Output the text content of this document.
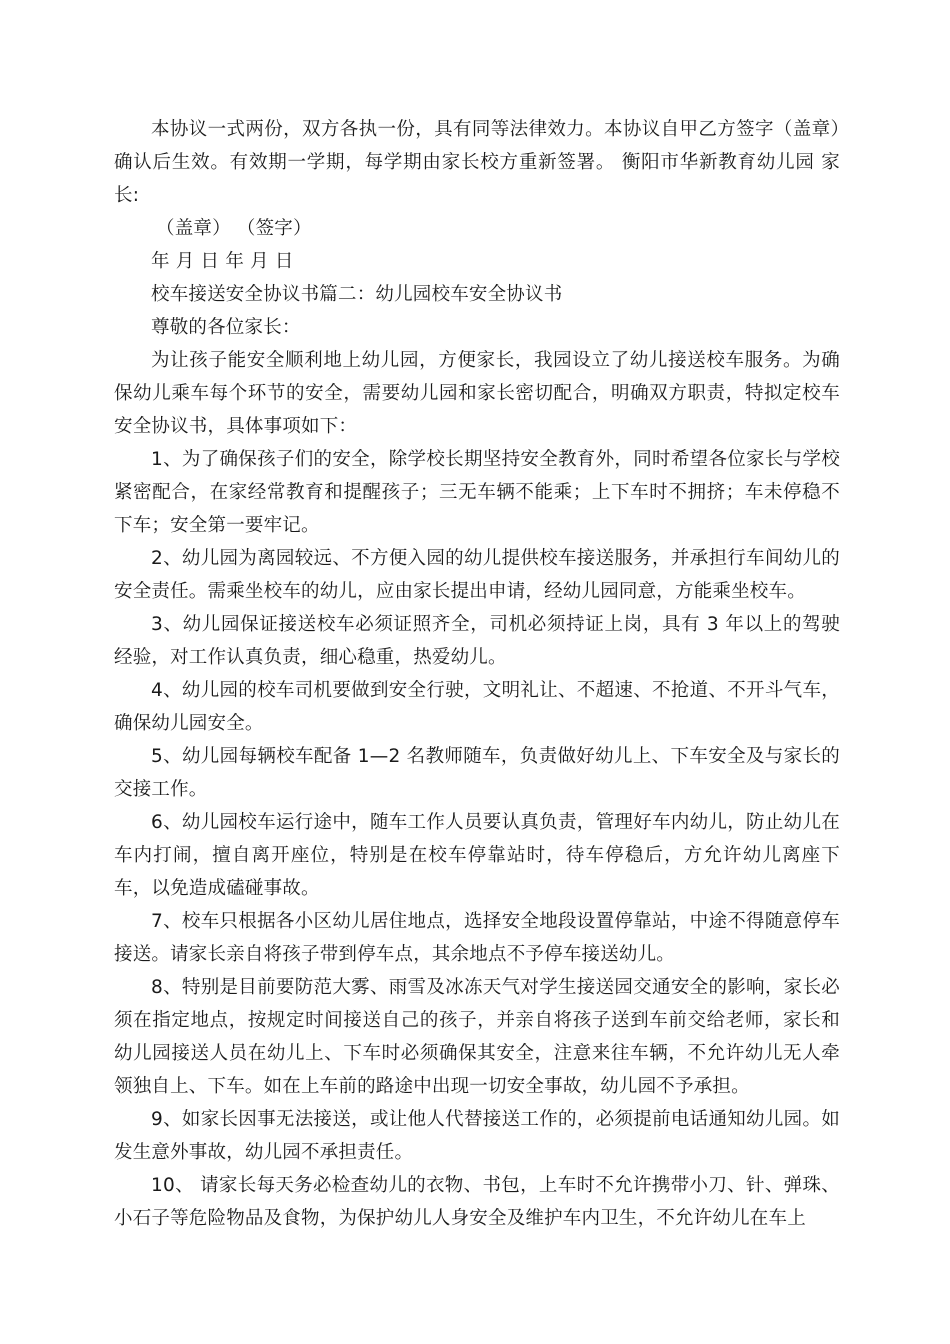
本协议一式两份，双方各执一份，具有同等法律效力。本协议自甲乙方签字（盖章）确认后生效。有效期一学期，每学期由家长校方重新签署。 衡阳市华新教育幼儿园 家长:

（盖章） （签字）

年 月 日 年 月 日

校车接送安全协议书篇二：幼儿园校车安全协议书

尊敬的各位家长：

为让孩子能安全顺利地上幼儿园，方便家长，我园设立了幼儿接送校车服务。为确保幼儿乘车每个环节的安全，需要幼儿园和家长密切配合，明确双方职责，特拟定校车安全协议书，具体事项如下：

1、为了确保孩子们的安全，除学校长期坚持安全教育外，同时希望各位家长与学校紧密配合，在家经常教育和提醒孩子；三无车辆不能乘；上下车时不拥挤；车未停稳不下车；安全第一要牢记。

2、幼儿园为离园较远、不方便入园的幼儿提供校车接送服务，并承担行车间幼儿的安全责任。需乘坐校车的幼儿，应由家长提出申请，经幼儿园同意，方能乘坐校车。

3、幼儿园保证接送校车必须证照齐全，司机必须持证上岗，具有 3 年以上的驾驶经验，对工作认真负责，细心稳重，热爱幼儿。

4、幼儿园的校车司机要做到安全行驶，文明礼让、不超速、不抢道、不开斗气车，确保幼儿园安全。

5、幼儿园每辆校车配备 1—2 名教师随车，负责做好幼儿上、下车安全及与家长的交接工作。

6、幼儿园校车运行途中，随车工作人员要认真负责，管理好车内幼儿，防止幼儿在车内打闹，擅自离开座位，特别是在校车停靠站时，待车停稳后，方允许幼儿离座下车，以免造成磕碰事故。

7、校车只根据各小区幼儿居住地点，选择安全地段设置停靠站，中途不得随意停车接送。请家长亲自将孩子带到停车点，其余地点不予停车接送幼儿。

8、特别是目前要防范大雾、雨雪及冰冻天气对学生接送园交通安全的影响，家长必须在指定地点，按规定时间接送自己的孩子，并亲自将孩子送到车前交给老师，家长和幼儿园接送人员在幼儿上、下车时必须确保其安全，注意来往车辆，不允许幼儿无人牵领独自上、下车。如在上车前的路途中出现一切安全事故，幼儿园不予承担。

9、如家长因事无法接送，或让他人代替接送工作的，必须提前电话通知幼儿园。如发生意外事故，幼儿园不承担责任。

10、 请家长每天务必检查幼儿的衣物、书包，上车时不允许携带小刀、针、弹珠、小石子等危险物品及食物，为保护幼儿人身安全及维护车内卫生，不允许幼儿在车上
